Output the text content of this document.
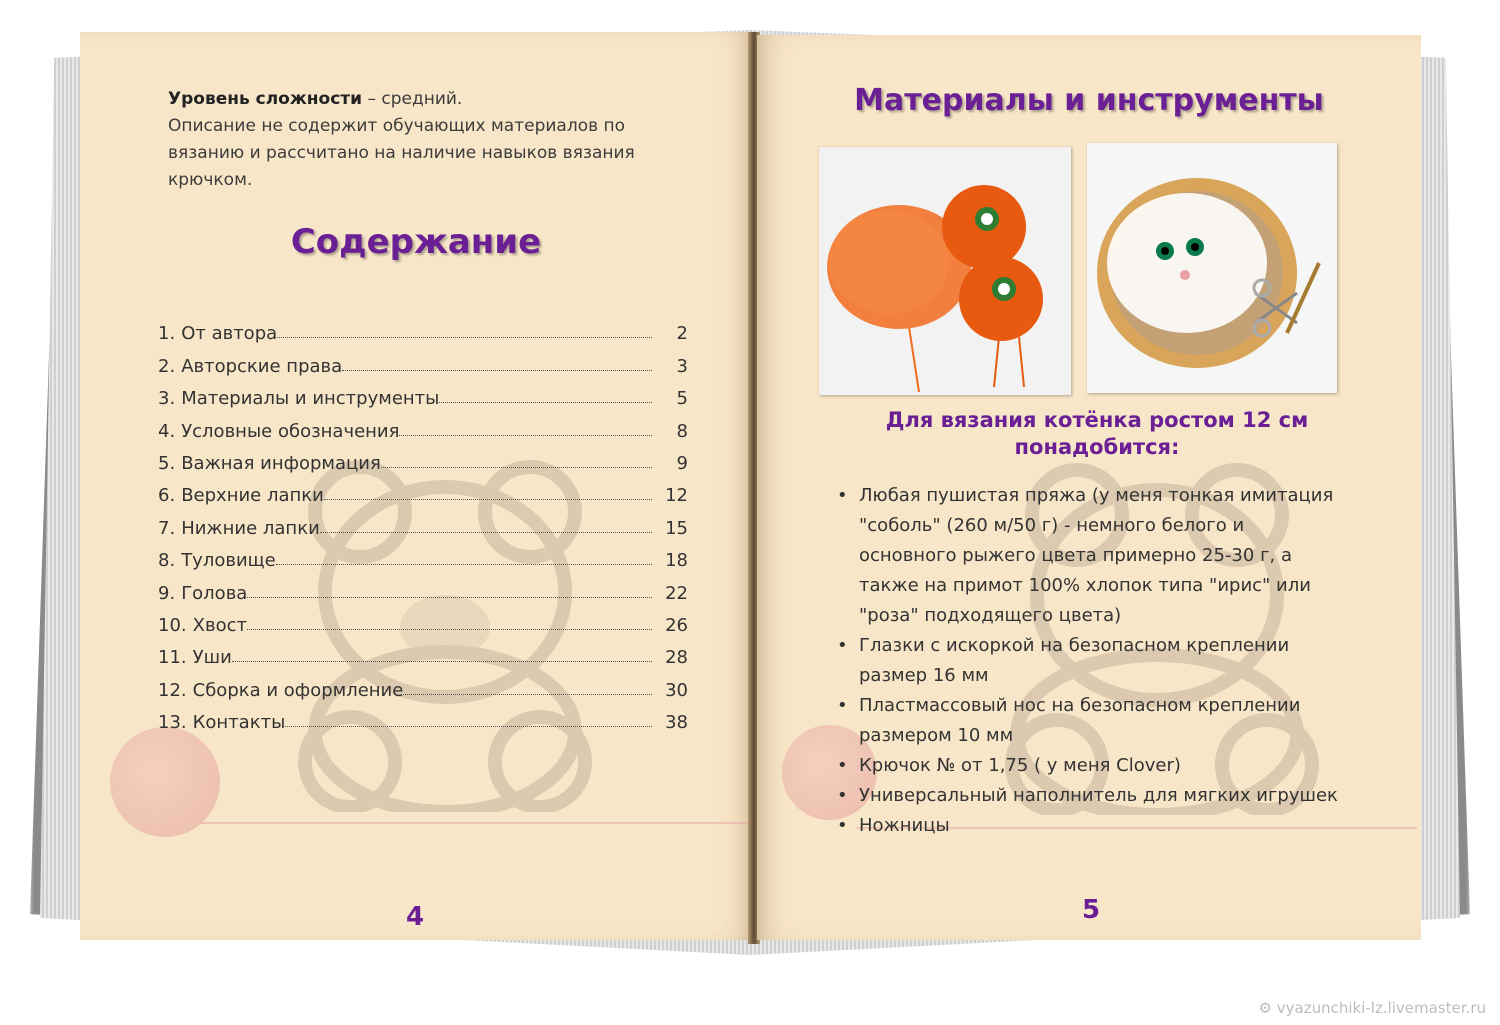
Уровень сложности – средний.
Описание не содержит обучающих материалов по вязанию и рассчитано на наличие навыков вязания крючком.
Содержание
1. От автора	2
2. Авторские права	3
3. Материалы и инструменты	5
4. Условные обозначения	8
5. Важная информация	9
6. Верхние лапки	12
7. Нижние лапки	15
8. Туловище	18
9. Голова	22
10. Хвост	26
11. Уши	28
12. Сборка и оформление	30
13. Контакты	38
4
Материалы и инструменты
Для вязания котёнка ростом 12 см
понадобится:
• Любая пушистая пряжа (у меня тонкая имитация "соболь" (260 м/50 г) - немного белого и основного рыжего цвета примерно 25-30 г, а также на примот 100% хлопок типа "ирис" или "роза" подходящего цвета)
• Глазки с искоркой на безопасном креплении размер 16 мм
• Пластмассовый нос на безопасном креплении размером 10 мм
• Крючок № от 1,75 ( у меня Clover)
• Универсальный наполнитель для мягких игрушек
• Ножницы
5
⚙ vyazunchiki-lz.livemaster.ru
